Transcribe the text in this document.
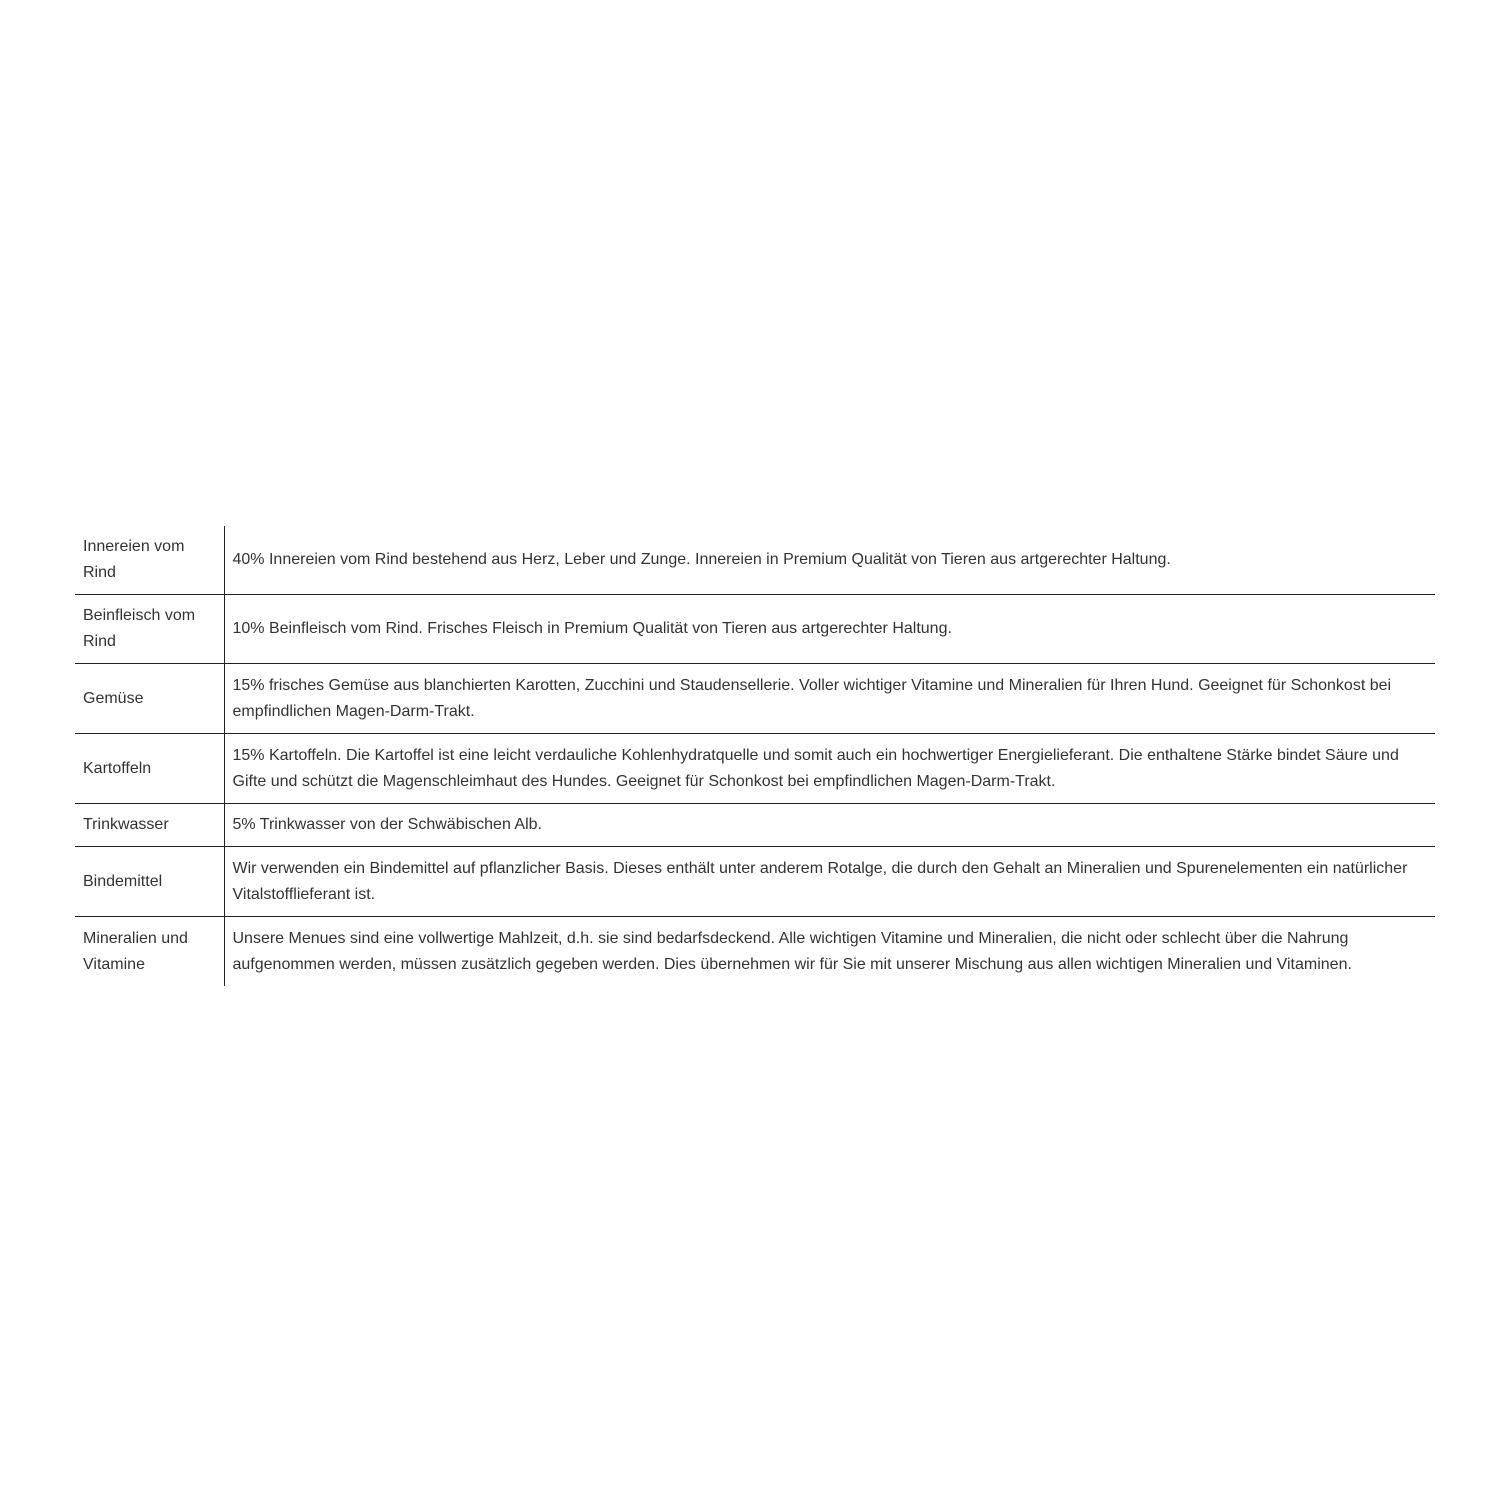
Innereien vom Rind	40% Innereien vom Rind bestehend aus Herz, Leber und Zunge. Innereien in Premium Qualität von Tieren aus artgerechter Haltung.
Beinfleisch vom Rind	10% Beinfleisch vom Rind. Frisches Fleisch in Premium Qualität von Tieren aus artgerechter Haltung.
Gemüse	15% frisches Gemüse aus blanchierten Karotten, Zucchini und Staudensellerie. Voller wichtiger Vitamine und Mineralien für Ihren Hund. Geeignet für Schonkost bei empfindlichen Magen-Darm-Trakt.
Kartoffeln	15% Kartoffeln. Die Kartoffel ist eine leicht verdauliche Kohlenhydratquelle und somit auch ein hochwertiger Energielieferant. Die enthaltene Stärke bindet Säure und Gifte und schützt die Magenschleimhaut des Hundes. Geeignet für Schonkost bei empfindlichen Magen-Darm-Trakt.
Trinkwasser	5% Trinkwasser von der Schwäbischen Alb.
Bindemittel	Wir verwenden ein Bindemittel auf pflanzlicher Basis. Dieses enthält unter anderem Rotalge, die durch den Gehalt an Mineralien und Spurenelementen ein natürlicher Vitalstofflieferant ist.
Mineralien und Vitamine	Unsere Menues sind eine vollwertige Mahlzeit, d.h. sie sind bedarfsdeckend. Alle wichtigen Vitamine und Mineralien, die nicht oder schlecht über die Nahrung aufgenommen werden, müssen zusätzlich gegeben werden. Dies übernehmen wir für Sie mit unserer Mischung aus allen wichtigen Mineralien und Vitaminen.
